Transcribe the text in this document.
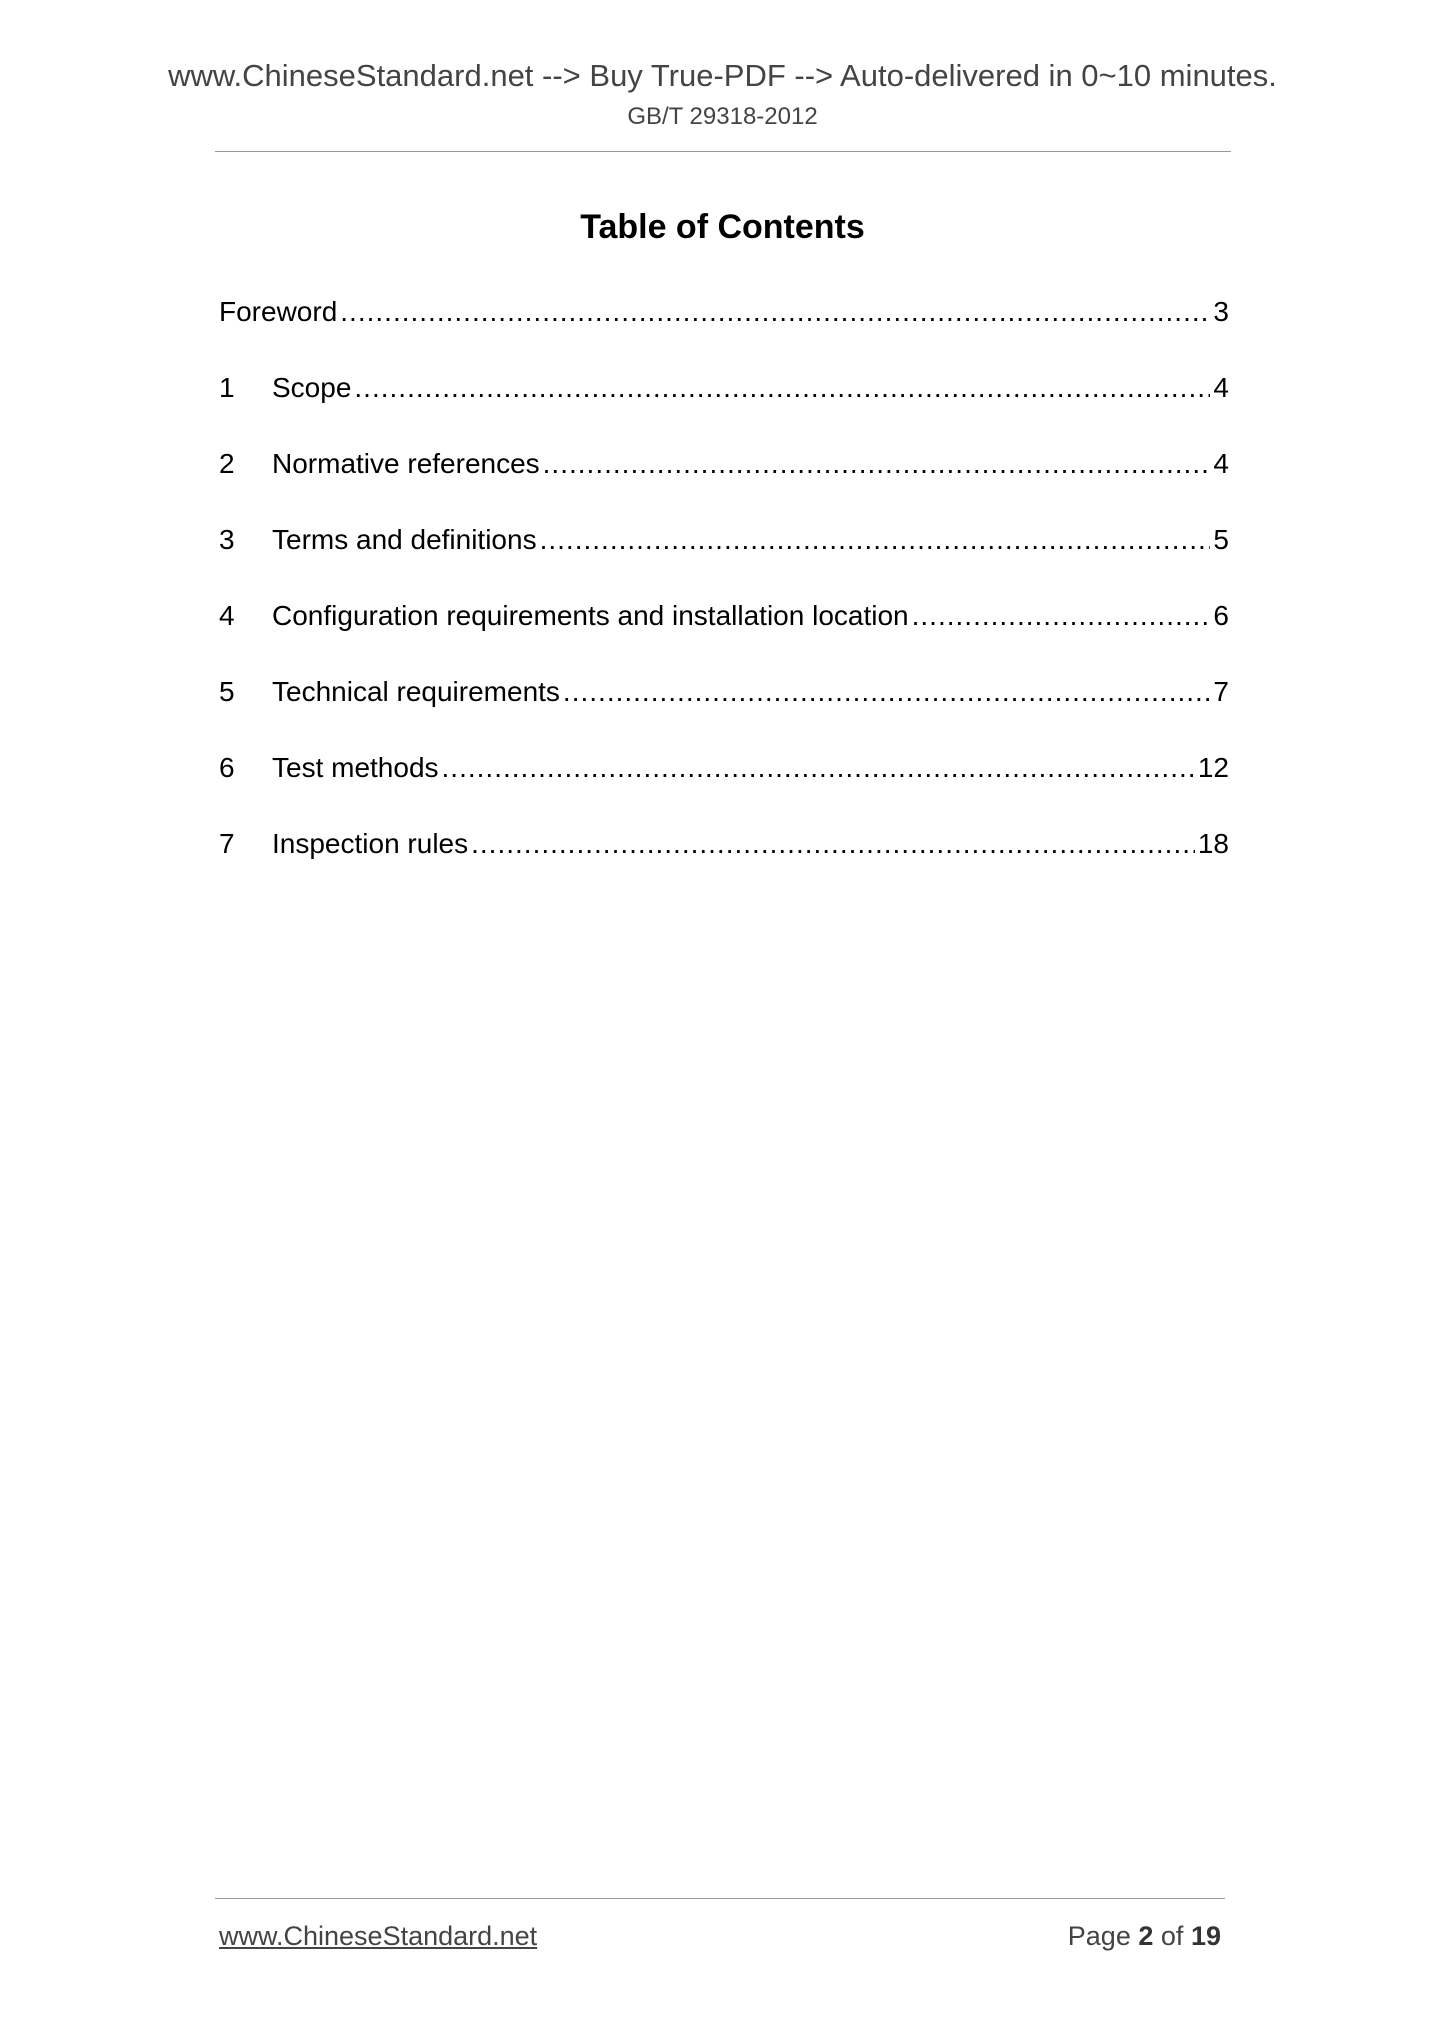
www.ChineseStandard.net --> Buy True-PDF --> Auto-delivered in 0~10 minutes.
GB/T 29318-2012
Table of Contents
Foreword .....	3
1	Scope .....	4
2	Normative references .....	4
3	Terms and definitions .....	5
4	Configuration requirements and installation location .....	6
5	Technical requirements .....	7
6	Test methods .....	12
7	Inspection rules .....	18
www.ChineseStandard.net	Page 2 of 19
